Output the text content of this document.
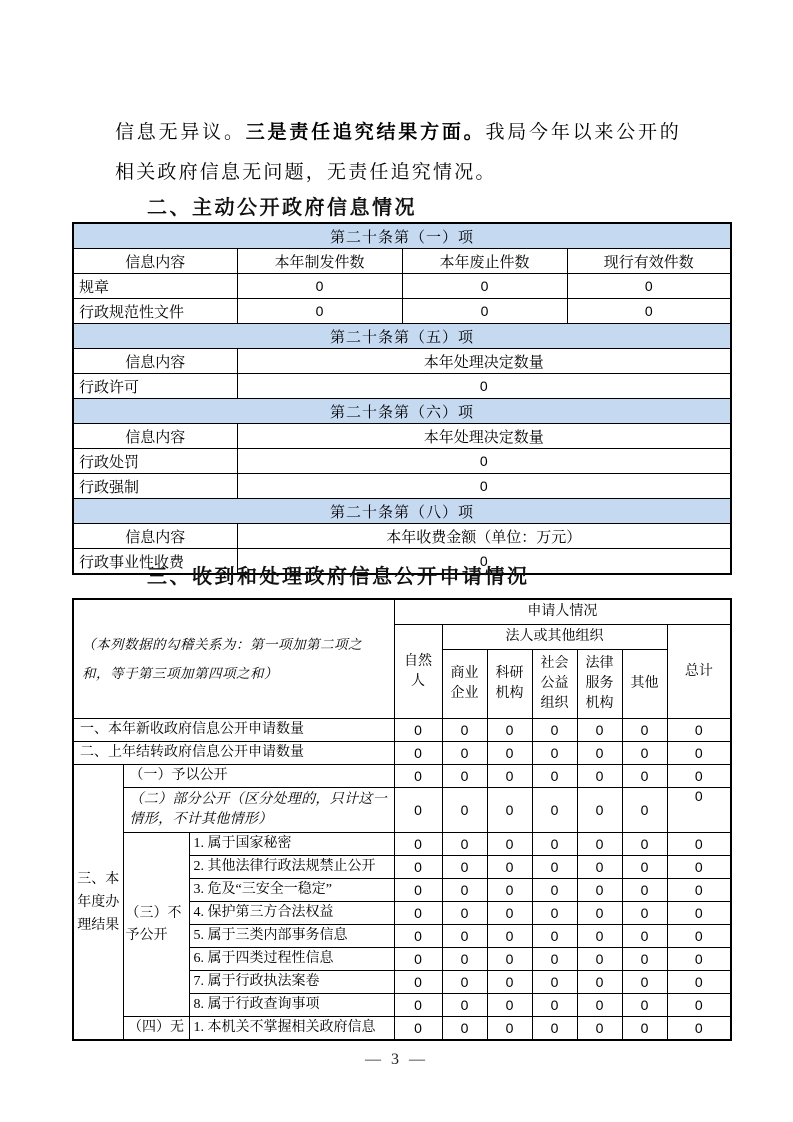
信息无异议。三是责任追究结果方面。我局今年以来公开的相关政府信息无问题，无责任追究情况。

二、主动公开政府信息情况
第二十条第（一）项			
信息内容	本年制发件数	本年废止件数	现行有效件数
规章	0	0	0
行政规范性文件	0	0	0
第二十条第（五）项			
信息内容	本年处理决定数量		
行政许可	0		
第二十条第（六）项			
信息内容	本年处理决定数量		
行政处罚	0		
行政强制	0		
第二十条第（八）项			
信息内容	本年收费金额（单位：万元）		
行政事业性收费	0		
三、收到和处理政府信息公开申请情况
（本列数据的勾稽关系为：第一项加第二项之和，等于第三项加第四项之和）			申请人情况						
			自然人	法人或其他组织					总计
				商业企业	科研机构	社会公益组织	法律服务机构	其他	
一、本年新收政府信息公开申请数量			0	0	0	0	0	0	0
二、上年结转政府信息公开申请数量			0	0	0	0	0	0	0
三、本年度办理结果	（一）予以公开		0	0	0	0	0	0	0
	（二）部分公开（区分处理的，只计这一情形，不计其他情形）		0	0	0	0	0	0	0
	（三）不予公开	1. 属于国家秘密	0	0	0	0	0	0	0
		2. 其他法律行政法规禁止公开	0	0	0	0	0	0	0
		3. 危及“三安全一稳定”	0	0	0	0	0	0	0
		4. 保护第三方合法权益	0	0	0	0	0	0	0
		5. 属于三类内部事务信息	0	0	0	0	0	0	0
		6. 属于四类过程性信息	0	0	0	0	0	0	0
		7. 属于行政执法案卷	0	0	0	0	0	0	0
		8. 属于行政查询事项	0	0	0	0	0	0	0
	（四）无	1. 本机关不掌握相关政府信息	0	0	0	0	0	0	0
— 3 —
